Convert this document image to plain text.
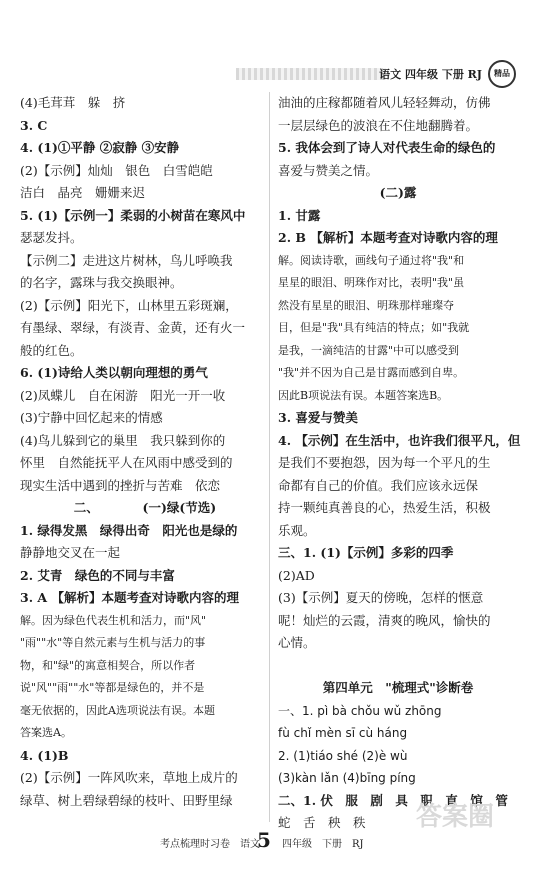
语文 四年级 下册 RJ	精品
(4)毛茸茸　躲　挤
3. C
4. (1)①平静 ②寂静 ③安静
(2)【示例】灿灿　银色　白雪皑皑
洁白　晶亮　姗姗来迟
5. (1)【示例一】柔弱的小树苗在寒风中
瑟瑟发抖。
【示例二】走进这片树林，鸟儿呼唤我
的名字，露珠与我交换眼神。
(2)【示例】阳光下，山林里五彩斑斓，
有墨绿、翠绿，有淡青、金黄，还有火一
般的红色。
6. (1)诗给人类以朝向理想的勇气
(2)凤蝶儿　自在闲游　阳光一开一收
(3)宁静中回忆起来的情感
(4)鸟儿躲到它的巢里　我只躲到你的
怀里　自然能抚平人在风雨中感受到的
现实生活中遇到的挫折与苦难　依恋
二、　　　　(一)绿(节选)
1. 绿得发黑　绿得出奇　阳光也是绿的
静静地交叉在一起
2. 艾青　绿色的不同与丰富
3. A 【解析】本题考查对诗歌内容的理
解。因为绿色代表生机和活力，而"风"
"雨""水"等自然元素与生机与活力的事
物，和"绿"的寓意相契合，所以作者
说"风""雨""水"等都是绿色的，并不是
毫无依据的，因此A选项说法有误。本题
答案选A。
4. (1)B
(2)【示例】一阵风吹来，草地上成片的
绿草、树上碧绿碧绿的枝叶、田野里绿
油油的庄稼都随着风儿轻轻舞动，仿佛
一层层绿色的波浪在不住地翻腾着。
5. 我体会到了诗人对代表生命的绿色的
喜爱与赞美之情。
(二)露
1. 甘露
2. B 【解析】本题考查对诗歌内容的理
解。阅读诗歌，画线句子通过将"我"和
星星的眼泪、明珠作对比，表明"我"虽
然没有星星的眼泪、明珠那样璀璨夺
目，但是"我"具有纯洁的特点；如"我就
是我，一滴纯洁的甘露"中可以感受到
"我"并不因为自己是甘露而感到自卑。
因此B项说法有误。本题答案选B。
3. 喜爱与赞美
4. 【示例】在生活中，也许我们很平凡，但
是我们不要抱怨，因为每一个平凡的生
命都有自己的价值。我们应该永远保
持一颗纯真善良的心，热爱生活，积极
乐观。
三、1. (1)【示例】多彩的四季
(2)AD
(3)【示例】夏天的傍晚，怎样的惬意
呢！灿烂的云霞，清爽的晚风，愉快的
心情。

第四单元　"梳理式"诊断卷
一、1. pì bà chǒu wǔ zhōng
fù chǐ mèn sī cù háng
2. (1)tiáo shé (2)è wù
(3)kàn lǎn (4)bīng píng
二、1. 伏　服　剧　具　职　直　馆　管
蛇　舌　秧　秩
考点梳理时习卷　语文
5 四年级　下册　RJ
答案圈
